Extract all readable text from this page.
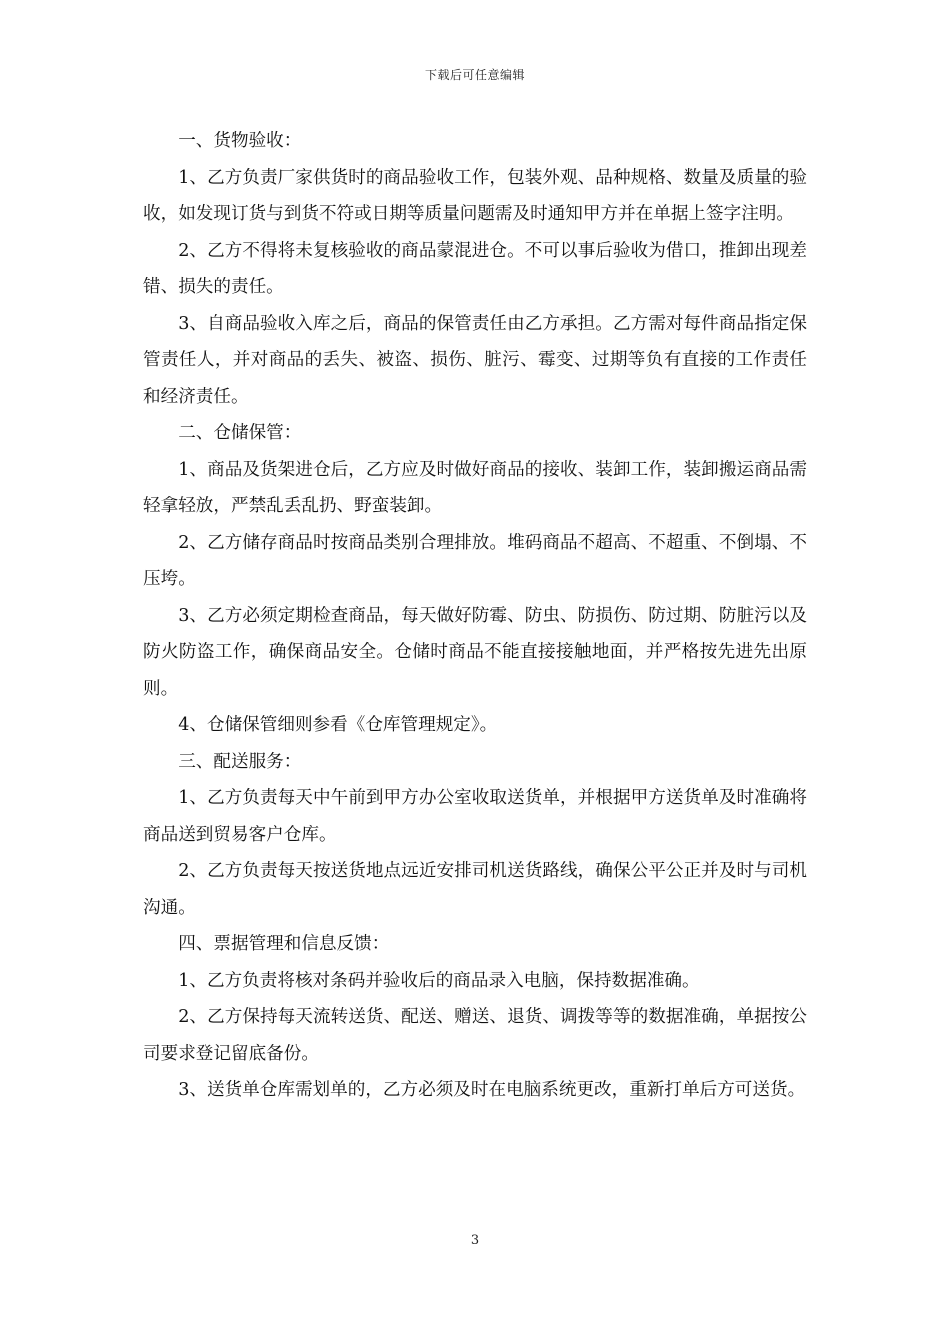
下载后可任意编辑

一、货物验收：

1、乙方负责厂家供货时的商品验收工作，包装外观、品种规格、数量及质量的验收，如发现订货与到货不符或日期等质量问题需及时通知甲方并在单据上签字注明。

2、乙方不得将未复核验收的商品蒙混进仓。不可以事后验收为借口，推卸出现差错、损失的责任。

3、自商品验收入库之后，商品的保管责任由乙方承担。乙方需对每件商品指定保管责任人，并对商品的丢失、被盗、损伤、脏污、霉变、过期等负有直接的工作责任和经济责任。

二、仓储保管：

1、商品及货架进仓后，乙方应及时做好商品的接收、装卸工作，装卸搬运商品需轻拿轻放，严禁乱丢乱扔、野蛮装卸。

2、乙方储存商品时按商品类别合理排放。堆码商品不超高、不超重、不倒塌、不压垮。

3、乙方必须定期检查商品，每天做好防霉、防虫、防损伤、防过期、防脏污以及防火防盗工作，确保商品安全。仓储时商品不能直接接触地面，并严格按先进先出原则。

4、仓储保管细则参看《仓库管理规定》。

三、配送服务：

1、乙方负责每天中午前到甲方办公室收取送货单，并根据甲方送货单及时准确将商品送到贸易客户仓库。

2、乙方负责每天按送货地点远近安排司机送货路线，确保公平公正并及时与司机沟通。

四、票据管理和信息反馈：

1、乙方负责将核对条码并验收后的商品录入电脑，保持数据准确。

2、乙方保持每天流转送货、配送、赠送、退货、调拨等等的数据准确，单据按公司要求登记留底备份。

3、送货单仓库需划单的，乙方必须及时在电脑系统更改，重新打单后方可送货。

3
